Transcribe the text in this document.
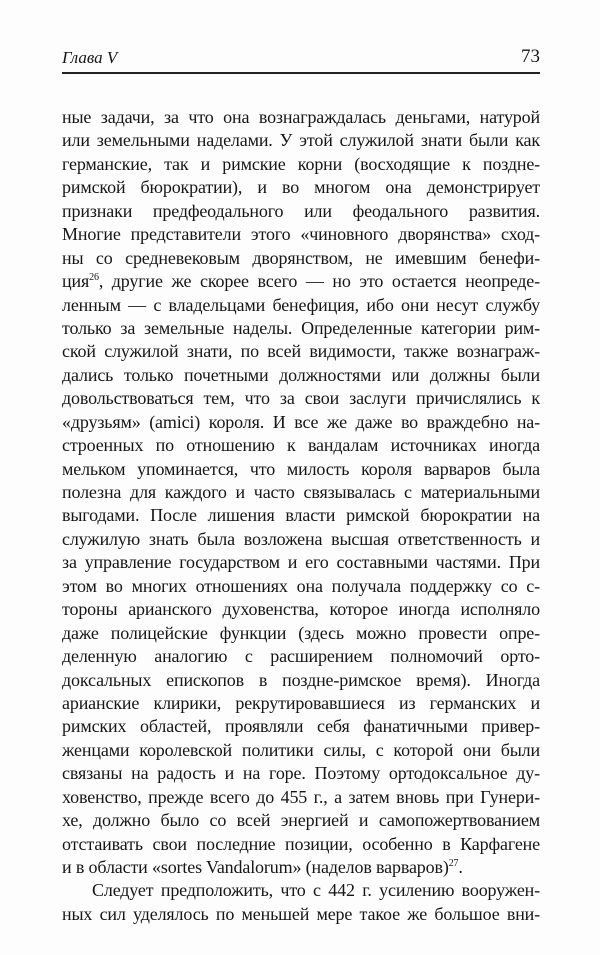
Глава V	73
ные задачи, за что она вознаграждалась деньгами, натурой
или земельными наделами. У этой служилой знати были как
германские, так и римские корни (восходящие к поздне-
римской бюрократии), и во многом она демонстрирует
признаки предфеодального или феодального развития.
Многие представители этого «чиновного дворянства» сход-
ны со средневековым дворянством, не имевшим бенефи-
ция$^{26}$, другие же скорее всего — но это остается неопреде-
ленным — с владельцами бенефиция, ибо они несут службу
только за земельные наделы. Определенные категории рим-
ской служилой знати, по всей видимости, также вознаграж-
дались только почетными должностями или должны были
довольствоваться тем, что за свои заслуги причислялись к
«друзьям» (amici) короля. И все же даже во враждебно на-
строенных по отношению к вандалам источниках иногда
мельком упоминается, что милость короля варваров была
полезна для каждого и часто связывалась с материальными
выгодами. После лишения власти римской бюрократии на
служилую знать была возложена высшая ответственность и
за управление государством и его составными частями. При
этом во многих отношениях она получала поддержку со с-
тороны арианского духовенства, которое иногда исполняло
даже полицейские функции (здесь можно провести опре-
деленную аналогию с расширением полномочий орто-
доксальных епископов в поздне-римское время). Иногда
арианские клирики, рекрутировавшиеся из германских и
римских областей, проявляли себя фанатичными привер-
женцами королевской политики силы, с которой они были
связаны на радость и на горе. Поэтому ортодоксальное ду-
ховенство, прежде всего до 455 г., а затем вновь при Гунери-
хе, должно было со всей энергией и самопожертвованием
отстаивать свои последние позиции, особенно в Карфагене
и в области «sortes Vandalorum» (наделов варваров)$^{27}$.
Следует предположить, что с 442 г. усилению вооружен-
ных сил уделялось по меньшей мере такое же большое вни-
